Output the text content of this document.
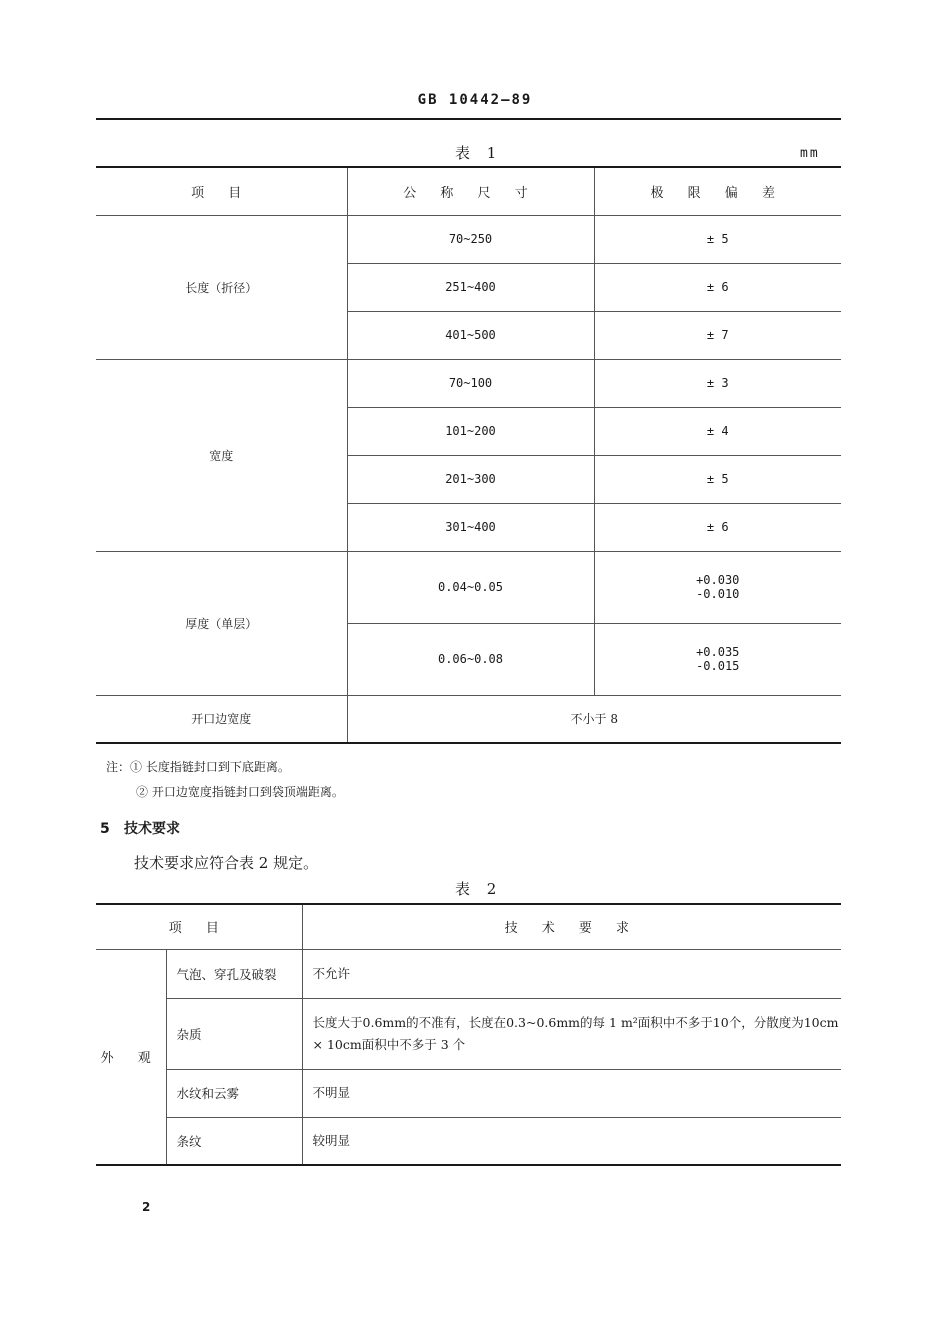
GB 10442—89
表 1	mm
项 目	公 称 尺 寸	极 限 偏 差
长度（折径）	70~250	± 5
	251~400	± 6
	401~500	± 7
宽度	70~100	± 3
	101~200	± 4
	201~300	± 5
	301~400	± 6
厚度（单层）	0.04~0.05	+0.030
-0.010
	0.06~0.08	+0.035
-0.015
开口边宽度	不小于 8	
注：① 长度指链封口到下底距离。
② 开口边宽度指链封口到袋顶端距离。
5 技术要求
技术要求应符合表 2 规定。
表 2
项 目		技 术 要 求
外 观	气泡、穿孔及破裂	不允许
	杂质	长度大于0.6mm的不准有，长度在0.3~0.6mm的每 1 m²面积中不多于10个，分散度为10cm × 10cm面积中不多于 3 个
	水纹和云雾	不明显
	条纹	较明显
2
